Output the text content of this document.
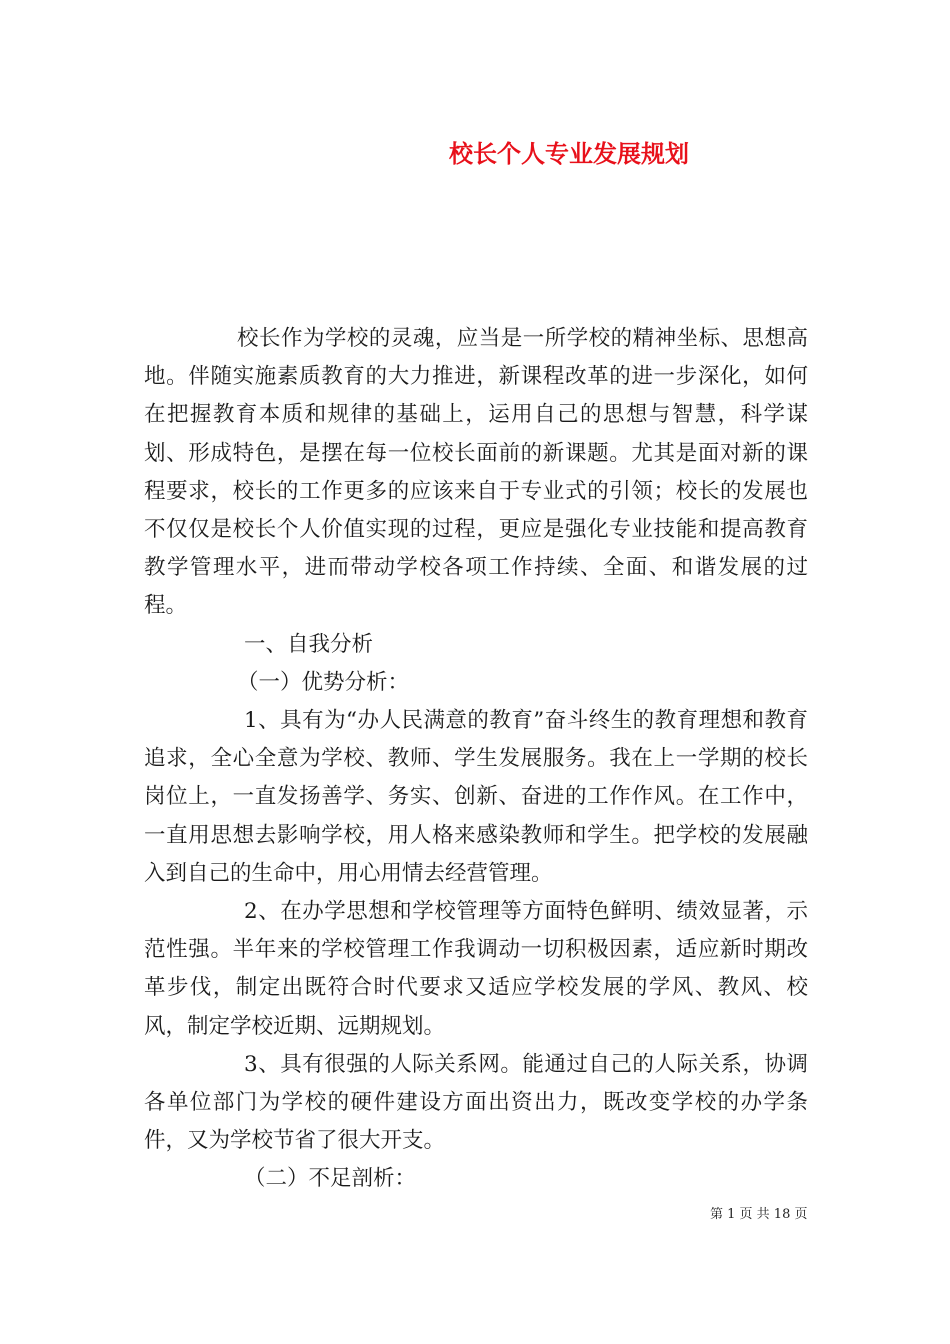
校长个人专业发展规划

校长作为学校的灵魂，应当是一所学校的精神坐标、思想高地。伴随实施素质教育的大力推进，新课程改革的进一步深化，如何在把握教育本质和规律的基础上，运用自己的思想与智慧，科学谋划、形成特色，是摆在每一位校长面前的新课题。尤其是面对新的课程要求，校长的工作更多的应该来自于专业式的引领；校长的发展也不仅仅是校长个人价值实现的过程，更应是强化专业技能和提高教育教学管理水平，进而带动学校各项工作持续、全面、和谐发展的过程。

一、自我分析

（一）优势分析：

1、具有为“办人民满意的教育”奋斗终生的教育理想和教育追求，全心全意为学校、教师、学生发展服务。我在上一学期的校长岗位上，一直发扬善学、务实、创新、奋进的工作作风。在工作中，一直用思想去影响学校，用人格来感染教师和学生。把学校的发展融入到自己的生命中，用心用情去经营管理。

2、在办学思想和学校管理等方面特色鲜明、绩效显著，示范性强。半年来的学校管理工作我调动一切积极因素，适应新时期改革步伐，制定出既符合时代要求又适应学校发展的学风、教风、校风，制定学校近期、远期规划。

3、具有很强的人际关系网。能通过自己的人际关系，协调各单位部门为学校的硬件建设方面出资出力，既改变学校的办学条件，又为学校节省了很大开支。

（二）不足剖析：

第 1 页 共 18 页
